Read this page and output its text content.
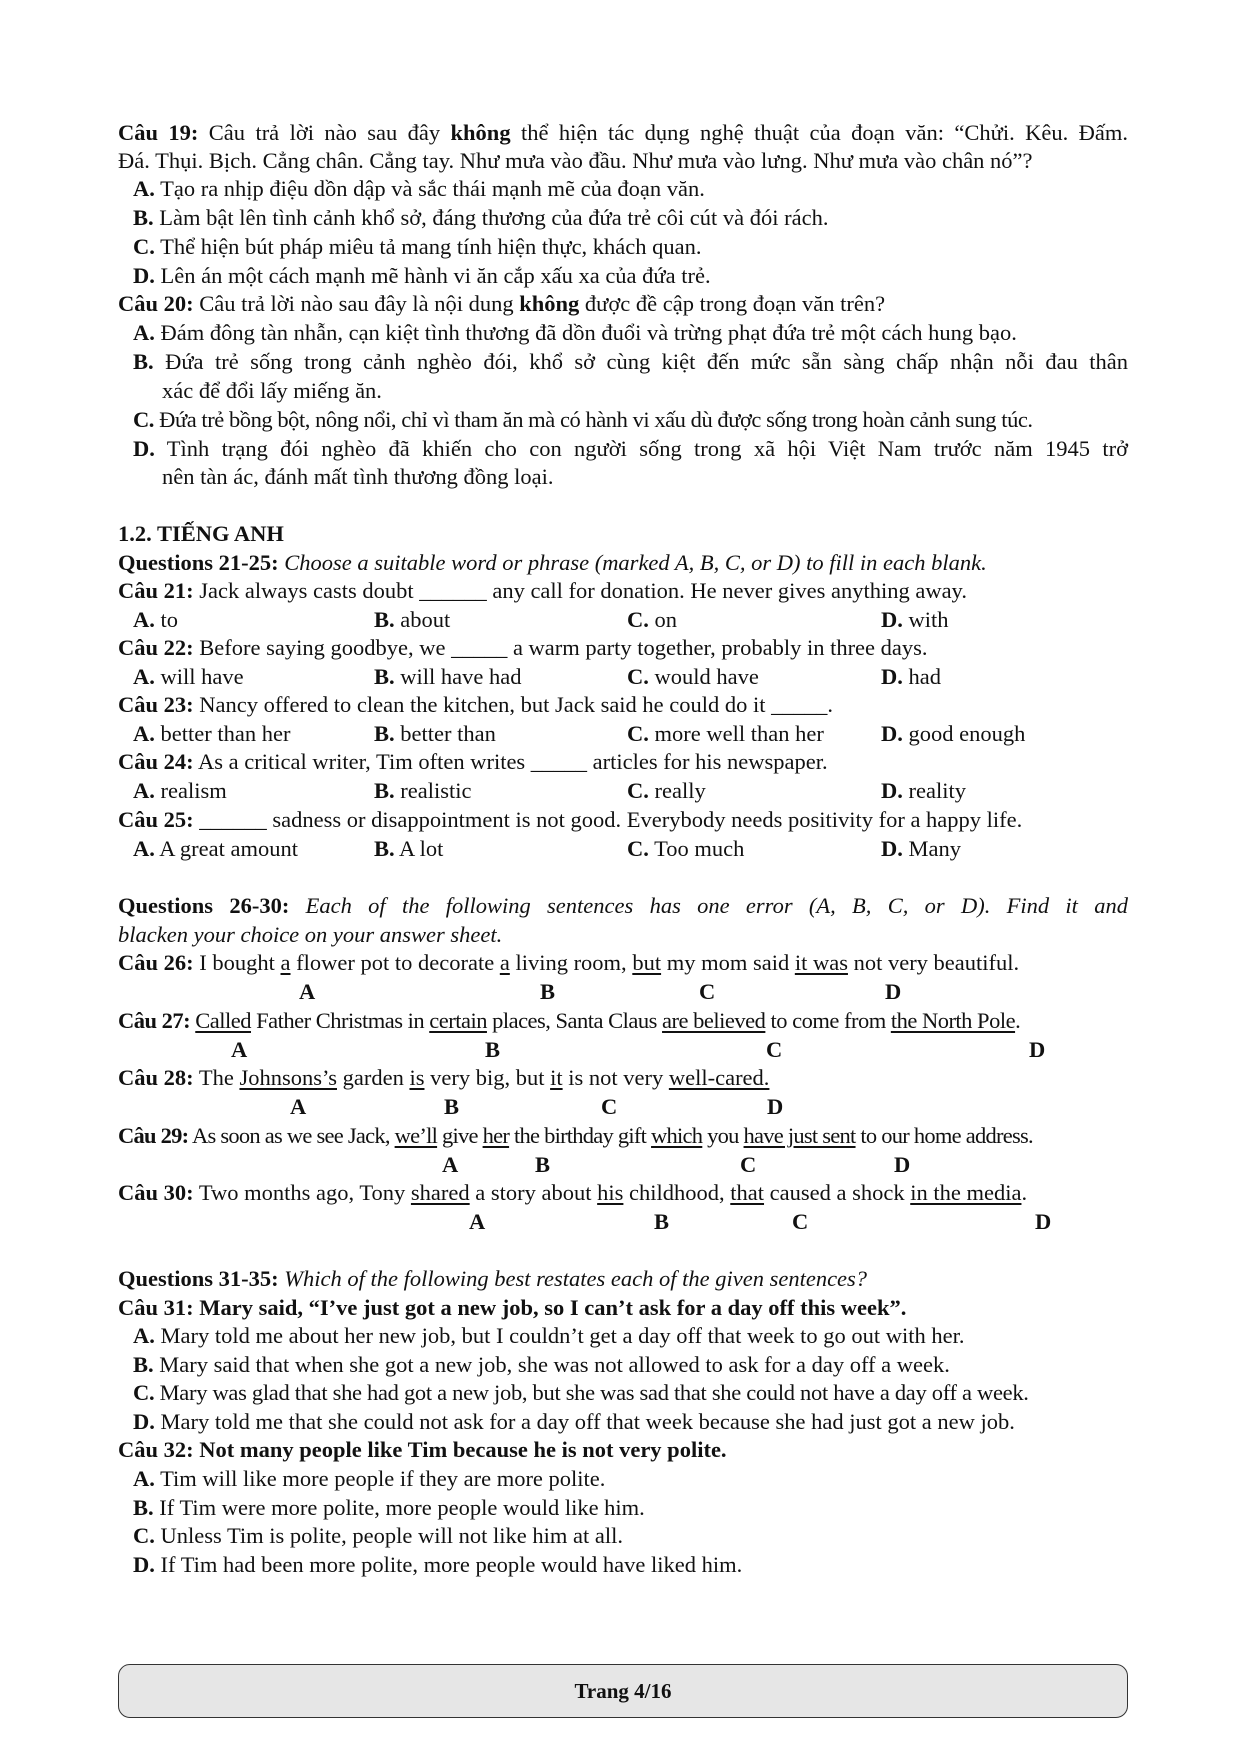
Câu 19: Câu trả lời nào sau đây không thể hiện tác dụng nghệ thuật của đoạn văn: “Chửi. Kêu. Đấm.
Đá. Thụi. Bịch. Cẳng chân. Cẳng tay. Như mưa vào đầu. Như mưa vào lưng. Như mưa vào chân nó”?
A. Tạo ra nhịp điệu dồn dập và sắc thái mạnh mẽ của đoạn văn.
B. Làm bật lên tình cảnh khổ sở, đáng thương của đứa trẻ côi cút và đói rách.
C. Thể hiện bút pháp miêu tả mang tính hiện thực, khách quan.
D. Lên án một cách mạnh mẽ hành vi ăn cắp xấu xa của đứa trẻ.
Câu 20: Câu trả lời nào sau đây là nội dung không được đề cập trong đoạn văn trên?
A. Đám đông tàn nhẫn, cạn kiệt tình thương đã dồn đuổi và trừng phạt đứa trẻ một cách hung bạo.
B. Đứa trẻ sống trong cảnh nghèo đói, khổ sở cùng kiệt đến mức sẵn sàng chấp nhận nỗi đau thân
xác để đổi lấy miếng ăn.
C. Đứa trẻ bồng bột, nông nổi, chỉ vì tham ăn mà có hành vi xấu dù được sống trong hoàn cảnh sung túc.
D. Tình trạng đói nghèo đã khiến cho con người sống trong xã hội Việt Nam trước năm 1945 trở
nên tàn ác, đánh mất tình thương đồng loại.
1.2. TIẾNG ANH
Questions 21-25: Choose a suitable word or phrase (marked A, B, C, or D) to fill in each blank.
Câu 21: Jack always casts doubt ______ any call for donation. He never gives anything away.
A. to	B. about	C. on	D. with
Câu 22: Before saying goodbye, we _____ a warm party together, probably in three days.
A. will have	B. will have had	C. would have	D. had
Câu 23: Nancy offered to clean the kitchen, but Jack said he could do it _____.
A. better than her	B. better than	C. more well than her	D. good enough
Câu 24: As a critical writer, Tim often writes _____ articles for his newspaper.
A. realism	B. realistic	C. really	D. reality
Câu 25: ______ sadness or disappointment is not good. Everybody needs positivity for a happy life.
A. A great amount	B. A lot	C. Too much	D. Many
Questions 26-30: Each of the following sentences has one error (A, B, C, or D). Find it and
blacken your choice on your answer sheet.
Câu 26: I bought a flower pot to decorate a living room, but my mom said it was not very beautiful.
A	B	C	D
Câu 27: Called Father Christmas in certain places, Santa Claus are believed to come from the North Pole.
A	B	C	D
Câu 28: The Johnsons’s garden is very big, but it is not very well-cared.
A	B	C	D
Câu 29: As soon as we see Jack, we’ll give her the birthday gift which you have just sent to our home address.
A	B	C	D
Câu 30: Two months ago, Tony shared a story about his childhood, that caused a shock in the media.
A	B	C	D
Questions 31-35: Which of the following best restates each of the given sentences?
Câu 31: Mary said, “I’ve just got a new job, so I can’t ask for a day off this week”.
A. Mary told me about her new job, but I couldn’t get a day off that week to go out with her.
B. Mary said that when she got a new job, she was not allowed to ask for a day off a week.
C. Mary was glad that she had got a new job, but she was sad that she could not have a day off a week.
D. Mary told me that she could not ask for a day off that week because she had just got a new job.
Câu 32: Not many people like Tim because he is not very polite.
A. Tim will like more people if they are more polite.
B. If Tim were more polite, more people would like him.
C. Unless Tim is polite, people will not like him at all.
D. If Tim had been more polite, more people would have liked him.
Trang 4/16
